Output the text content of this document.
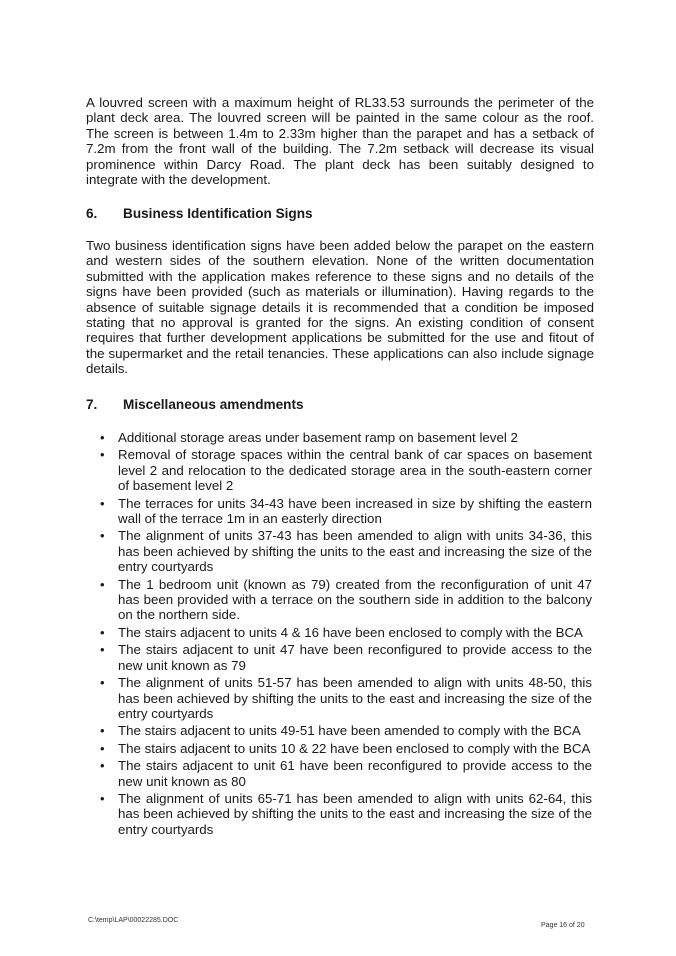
A louvred screen with a maximum height of RL33.53 surrounds the perimeter of the plant deck area. The louvred screen will be painted in the same colour as the roof. The screen is between 1.4m to 2.33m higher than the parapet and has a setback of 7.2m from the front wall of the building. The 7.2m setback will decrease its visual prominence within Darcy Road. The plant deck has been suitably designed to integrate with the development.

6. Business Identification Signs

Two business identification signs have been added below the parapet on the eastern and western sides of the southern elevation. None of the written documentation submitted with the application makes reference to these signs and no details of the signs have been provided (such as materials or illumination). Having regards to the absence of suitable signage details it is recommended that a condition be imposed stating that no approval is granted for the signs. An existing condition of consent requires that further development applications be submitted for the use and fitout of the supermarket and the retail tenancies. These applications can also include signage details.

7. Miscellaneous amendments
• Additional storage areas under basement ramp on basement level 2
• Removal of storage spaces within the central bank of car spaces on basement level 2 and relocation to the dedicated storage area in the south-eastern corner of basement level 2
• The terraces for units 34-43 have been increased in size by shifting the eastern wall of the terrace 1m in an easterly direction
• The alignment of units 37-43 has been amended to align with units 34-36, this has been achieved by shifting the units to the east and increasing the size of the entry courtyards
• The 1 bedroom unit (known as 79) created from the reconfiguration of unit 47 has been provided with a terrace on the southern side in addition to the balcony on the northern side.
• The stairs adjacent to units 4 & 16 have been enclosed to comply with the BCA
• The stairs adjacent to unit 47 have been reconfigured to provide access to the new unit known as 79
• The alignment of units 51-57 has been amended to align with units 48-50, this has been achieved by shifting the units to the east and increasing the size of the entry courtyards
• The stairs adjacent to units 49-51 have been amended to comply with the BCA
• The stairs adjacent to units 10 & 22 have been enclosed to comply with the BCA
• The stairs adjacent to unit 61 have been reconfigured to provide access to the new unit known as 80
• The alignment of units 65-71 has been amended to align with units 62-64, this has been achieved by shifting the units to the east and increasing the size of the entry courtyards
C:\temp\LAP\00022285.DOC
Page 16 of 20
